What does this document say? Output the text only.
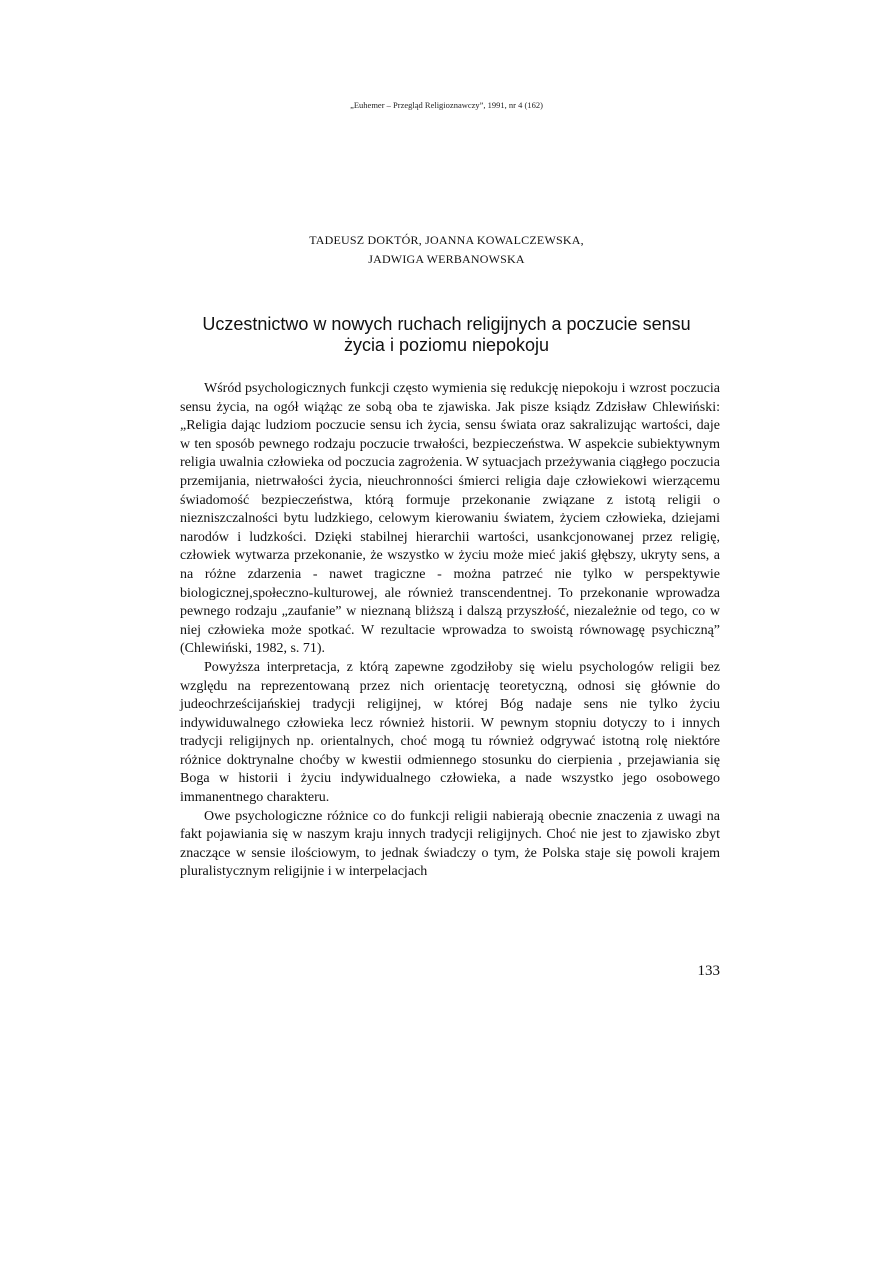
„Euhemer – Przegląd Religioznawczy”, 1991, nr 4 (162)
TADEUSZ DOKTÓR, JOANNA KOWALCZEWSKA,
JADWIGA WERBANOWSKA
Uczestnictwo w nowych ruchach religijnych a poczucie sensu
życia i poziomu niepokoju

Wśród psychologicznych funkcji często wymienia się redukcję niepokoju i wzrost poczucia sensu życia, na ogół wiążąc ze sobą oba te zjawiska. Jak pisze ksiądz Zdzisław Chlewiński: „Religia dając ludziom poczucie sensu ich życia, sensu świata oraz sakralizując wartości, daje w ten sposób pewnego rodzaju poczucie trwałości, bezpieczeństwa. W aspekcie subiektywnym religia uwalnia człowieka od poczucia zagrożenia. W sytuacjach przeżywania ciągłego poczucia przemijania, nietrwałości życia, nieuchronności śmierci religia daje człowiekowi wierzącemu świadomość bezpieczeństwa, którą formuje przekonanie związane z istotą religii o niezniszczalności bytu ludzkiego, celowym kierowaniu światem, życiem człowieka, dziejami narodów i ludzkości. Dzięki stabilnej hierarchii wartości, usankcjonowanej przez religię, człowiek wytwarza przekonanie, że wszystko w życiu może mieć jakiś głębszy, ukryty sens, a na różne zdarzenia - nawet tragiczne - można patrzeć nie tylko w perspektywie biologicznej,społeczno-kulturowej, ale również transcendentnej. To przekonanie wprowadza pewnego rodzaju „zaufanie” w nieznaną bliższą i dalszą przyszłość, niezależnie od tego, co w niej człowieka może spotkać. W rezultacie wprowadza to swoistą równowagę psychiczną” (Chlewiński, 1982, s. 71).

Powyższa interpretacja, z którą zapewne zgodziłoby się wielu psychologów religii bez względu na reprezentowaną przez nich orientację teoretyczną, odnosi się głównie do judeochrześcijańskiej tradycji religijnej, w której Bóg nadaje sens nie tylko życiu indywiduwalnego człowieka lecz również historii. W pewnym stopniu dotyczy to i innych tradycji religijnych np. orientalnych, choć mogą tu również odgrywać istotną rolę niektóre różnice doktrynalne choćby w kwestii odmiennego stosunku do cierpienia , przejawiania się Boga w historii i życiu indywidualnego człowieka, a nade wszystko jego osobowego immanentnego charakteru.

Owe psychologiczne różnice co do funkcji religii nabierają obecnie znaczenia z uwagi na fakt pojawiania się w naszym kraju innych tradycji religijnych. Choć nie jest to zjawisko zbyt znaczące w sensie ilościowym, to jednak świadczy o tym, że Polska staje się powoli krajem pluralistycznym religijnie i w interpelacjach

133
